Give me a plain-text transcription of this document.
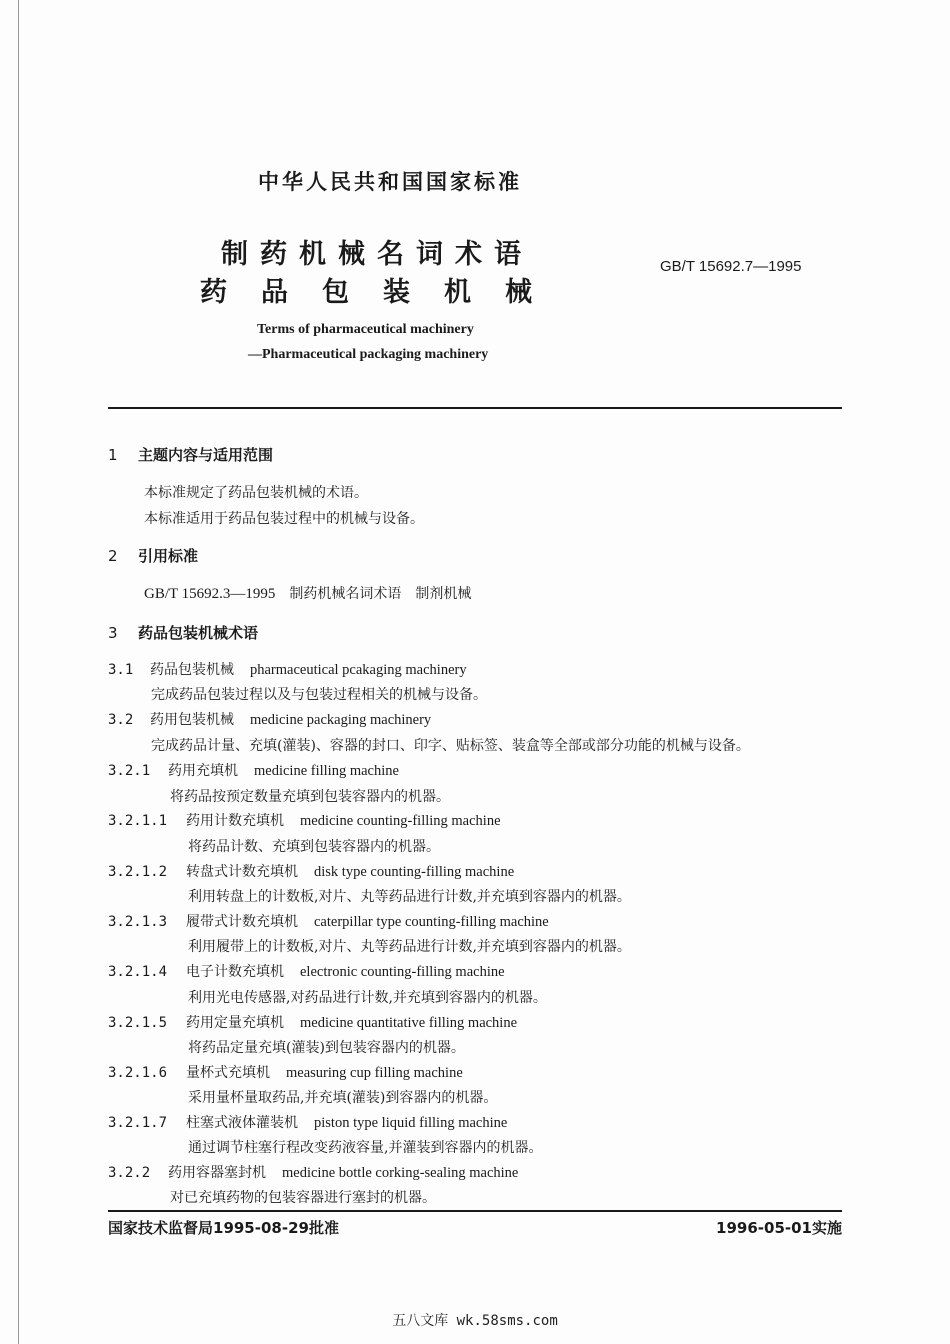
中华人民共和国国家标准
制药机械名词术语
药品包装机械
GB/T 15692.7—1995
Terms of pharmaceutical machinery
—Pharmaceutical packaging machinery
1 主题内容与适用范围
本标准规定了药品包装机械的术语。
本标准适用于药品包装过程中的机械与设备。
2 引用标准
GB/T 15692.3—1995 制药机械名词术语　制剂机械
3 药品包装机械术语
3.1 药品包装机械 pharmaceutical pcakaging machinery
完成药品包装过程以及与包装过程相关的机械与设备。
3.2 药用包装机械 medicine packaging machinery
完成药品计量、充填(灌装)、容器的封口、印字、贴标签、装盒等全部或部分功能的机械与设备。
3.2.1 药用充填机 medicine filling machine
将药品按预定数量充填到包装容器内的机器。
3.2.1.1 药用计数充填机 medicine counting-filling machine
将药品计数、充填到包装容器内的机器。
3.2.1.2 转盘式计数充填机 disk type counting-filling machine
利用转盘上的计数板,对片、丸等药品进行计数,并充填到容器内的机器。
3.2.1.3 履带式计数充填机 caterpillar type counting-filling machine
利用履带上的计数板,对片、丸等药品进行计数,并充填到容器内的机器。
3.2.1.4 电子计数充填机 electronic counting-filling machine
利用光电传感器,对药品进行计数,并充填到容器内的机器。
3.2.1.5 药用定量充填机 medicine quantitative filling machine
将药品定量充填(灌装)到包装容器内的机器。
3.2.1.6 量杯式充填机 measuring cup filling machine
采用量杯量取药品,并充填(灌装)到容器内的机器。
3.2.1.7 柱塞式液体灌装机 piston type liquid filling machine
通过调节柱塞行程改变药液容量,并灌装到容器内的机器。
3.2.2 药用容器塞封机 medicine bottle corking-sealing machine
对已充填药物的包装容器进行塞封的机器。
国家技术监督局1995-08-29批准	1996-05-01实施
五八文库 wk.58sms.com
